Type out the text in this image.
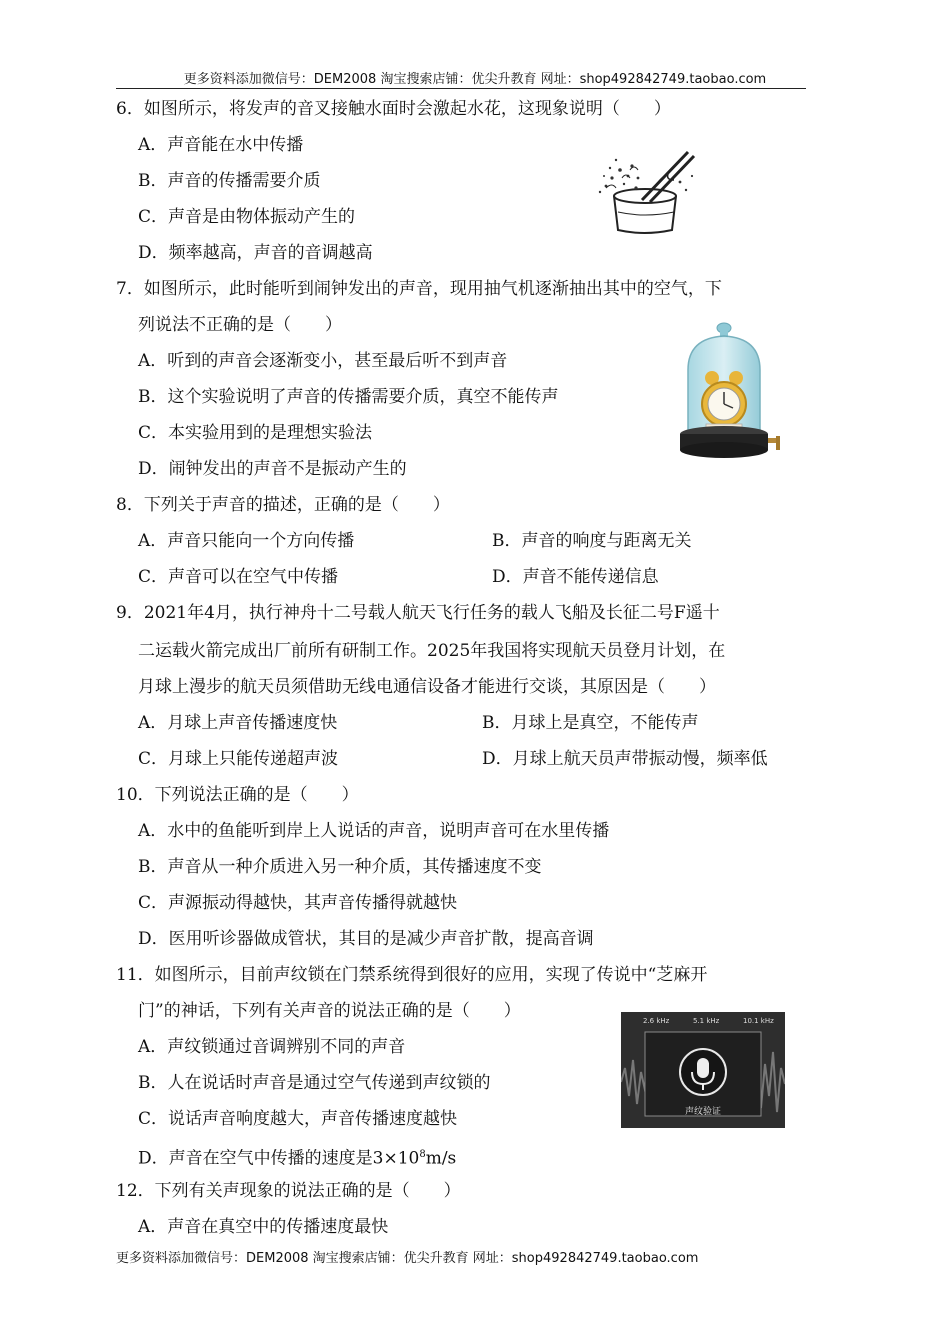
更多资料添加微信号：DEM2008 淘宝搜索店铺：优尖升教育 网址：shop492842749.taobao.com
6．如图所示，将发声的音叉接触水面时会激起水花，这现象说明（　　）
A．声音能在水中传播
B．声音的传播需要介质
C．声音是由物体振动产生的
D．频率越高，声音的音调越高
7．如图所示，此时能听到闹钟发出的声音，现用抽气机逐渐抽出其中的空气，下
列说法不正确的是（　　）
A．听到的声音会逐渐变小，甚至最后听不到声音
B．这个实验说明了声音的传播需要介质，真空不能传声
C．本实验用到的是理想实验法
D．闹钟发出的声音不是振动产生的
8．下列关于声音的描述，正确的是（　　）
A．声音只能向一个方向传播	B．声音的响度与距离无关
C．声音可以在空气中传播	D．声音不能传递信息
9．2021年4月，执行神舟十二号载人航天飞行任务的载人飞船及长征二号F遥十
二运载火箭完成出厂前所有研制工作。2025年我国将实现航天员登月计划，在
月球上漫步的航天员须借助无线电通信设备才能进行交谈，其原因是（　　）
A．月球上声音传播速度快	B．月球上是真空，不能传声
C．月球上只能传递超声波	D．月球上航天员声带振动慢，频率低
10．下列说法正确的是（　　）
A．水中的鱼能听到岸上人说话的声音，说明声音可在水里传播
B．声音从一种介质进入另一种介质，其传播速度不变
C．声源振动得越快，其声音传播得就越快
D．医用听诊器做成管状，其目的是减少声音扩散，提高音调
11．如图所示，目前声纹锁在门禁系统得到很好的应用，实现了传说中“芝麻开
门”的神话，下列有关声音的说法正确的是（　　）
A．声纹锁通过音调辨别不同的声音
B．人在说话时声音是通过空气传递到声纹锁的
C．说话声音响度越大，声音传播速度越快
D．声音在空气中传播的速度是$3\times 10^8m/s$
2.6 kHz	5.1 kHz	10.1 kHz
声纹验证
12．下列有关声现象的说法正确的是（　　）
A．声音在真空中的传播速度最快
更多资料添加微信号：DEM2008 淘宝搜索店铺：优尖升教育 网址：shop492842749.taobao.com
